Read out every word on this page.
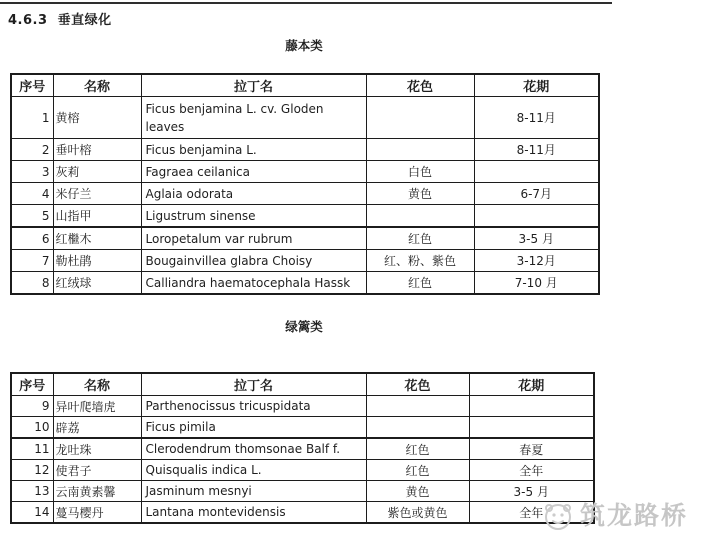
4.6.3  垂直绿化
藤本类
序号	名称	拉丁名	花色	花期
1	黄榕	Ficus benjamina L. cv. Gloden leaves		8-11月
2	垂叶榕	Ficus benjamina L.		8-11月
3	灰莉	Fagraea ceilanica	白色	
4	米仔兰	Aglaia odorata	黄色	6-7月
5	山指甲	Ligustrum sinense		
6	红檵木	Loropetalum var rubrum	红色	3-5 月
7	勒杜鹃	Bougainvillea glabra Choisy	红、粉、紫色	3-12月
8	红绒球	Calliandra haematocephala Hassk	红色	7-10 月
绿篱类
序号	名称	拉丁名	花色	花期
9	异叶爬墙虎	Parthenocissus tricuspidata		
10	辟荔	Ficus pimila		
11	龙吐珠	Clerodendrum thomsonae Balf f.	红色	春夏
12	使君子	Quisqualis indica L.	红色	全年
13	云南黄素馨	Jasminum mesnyi	黄色	3-5 月
14	蔓马樱丹	Lantana montevidensis	紫色或黄色	全年 筑龙路桥
